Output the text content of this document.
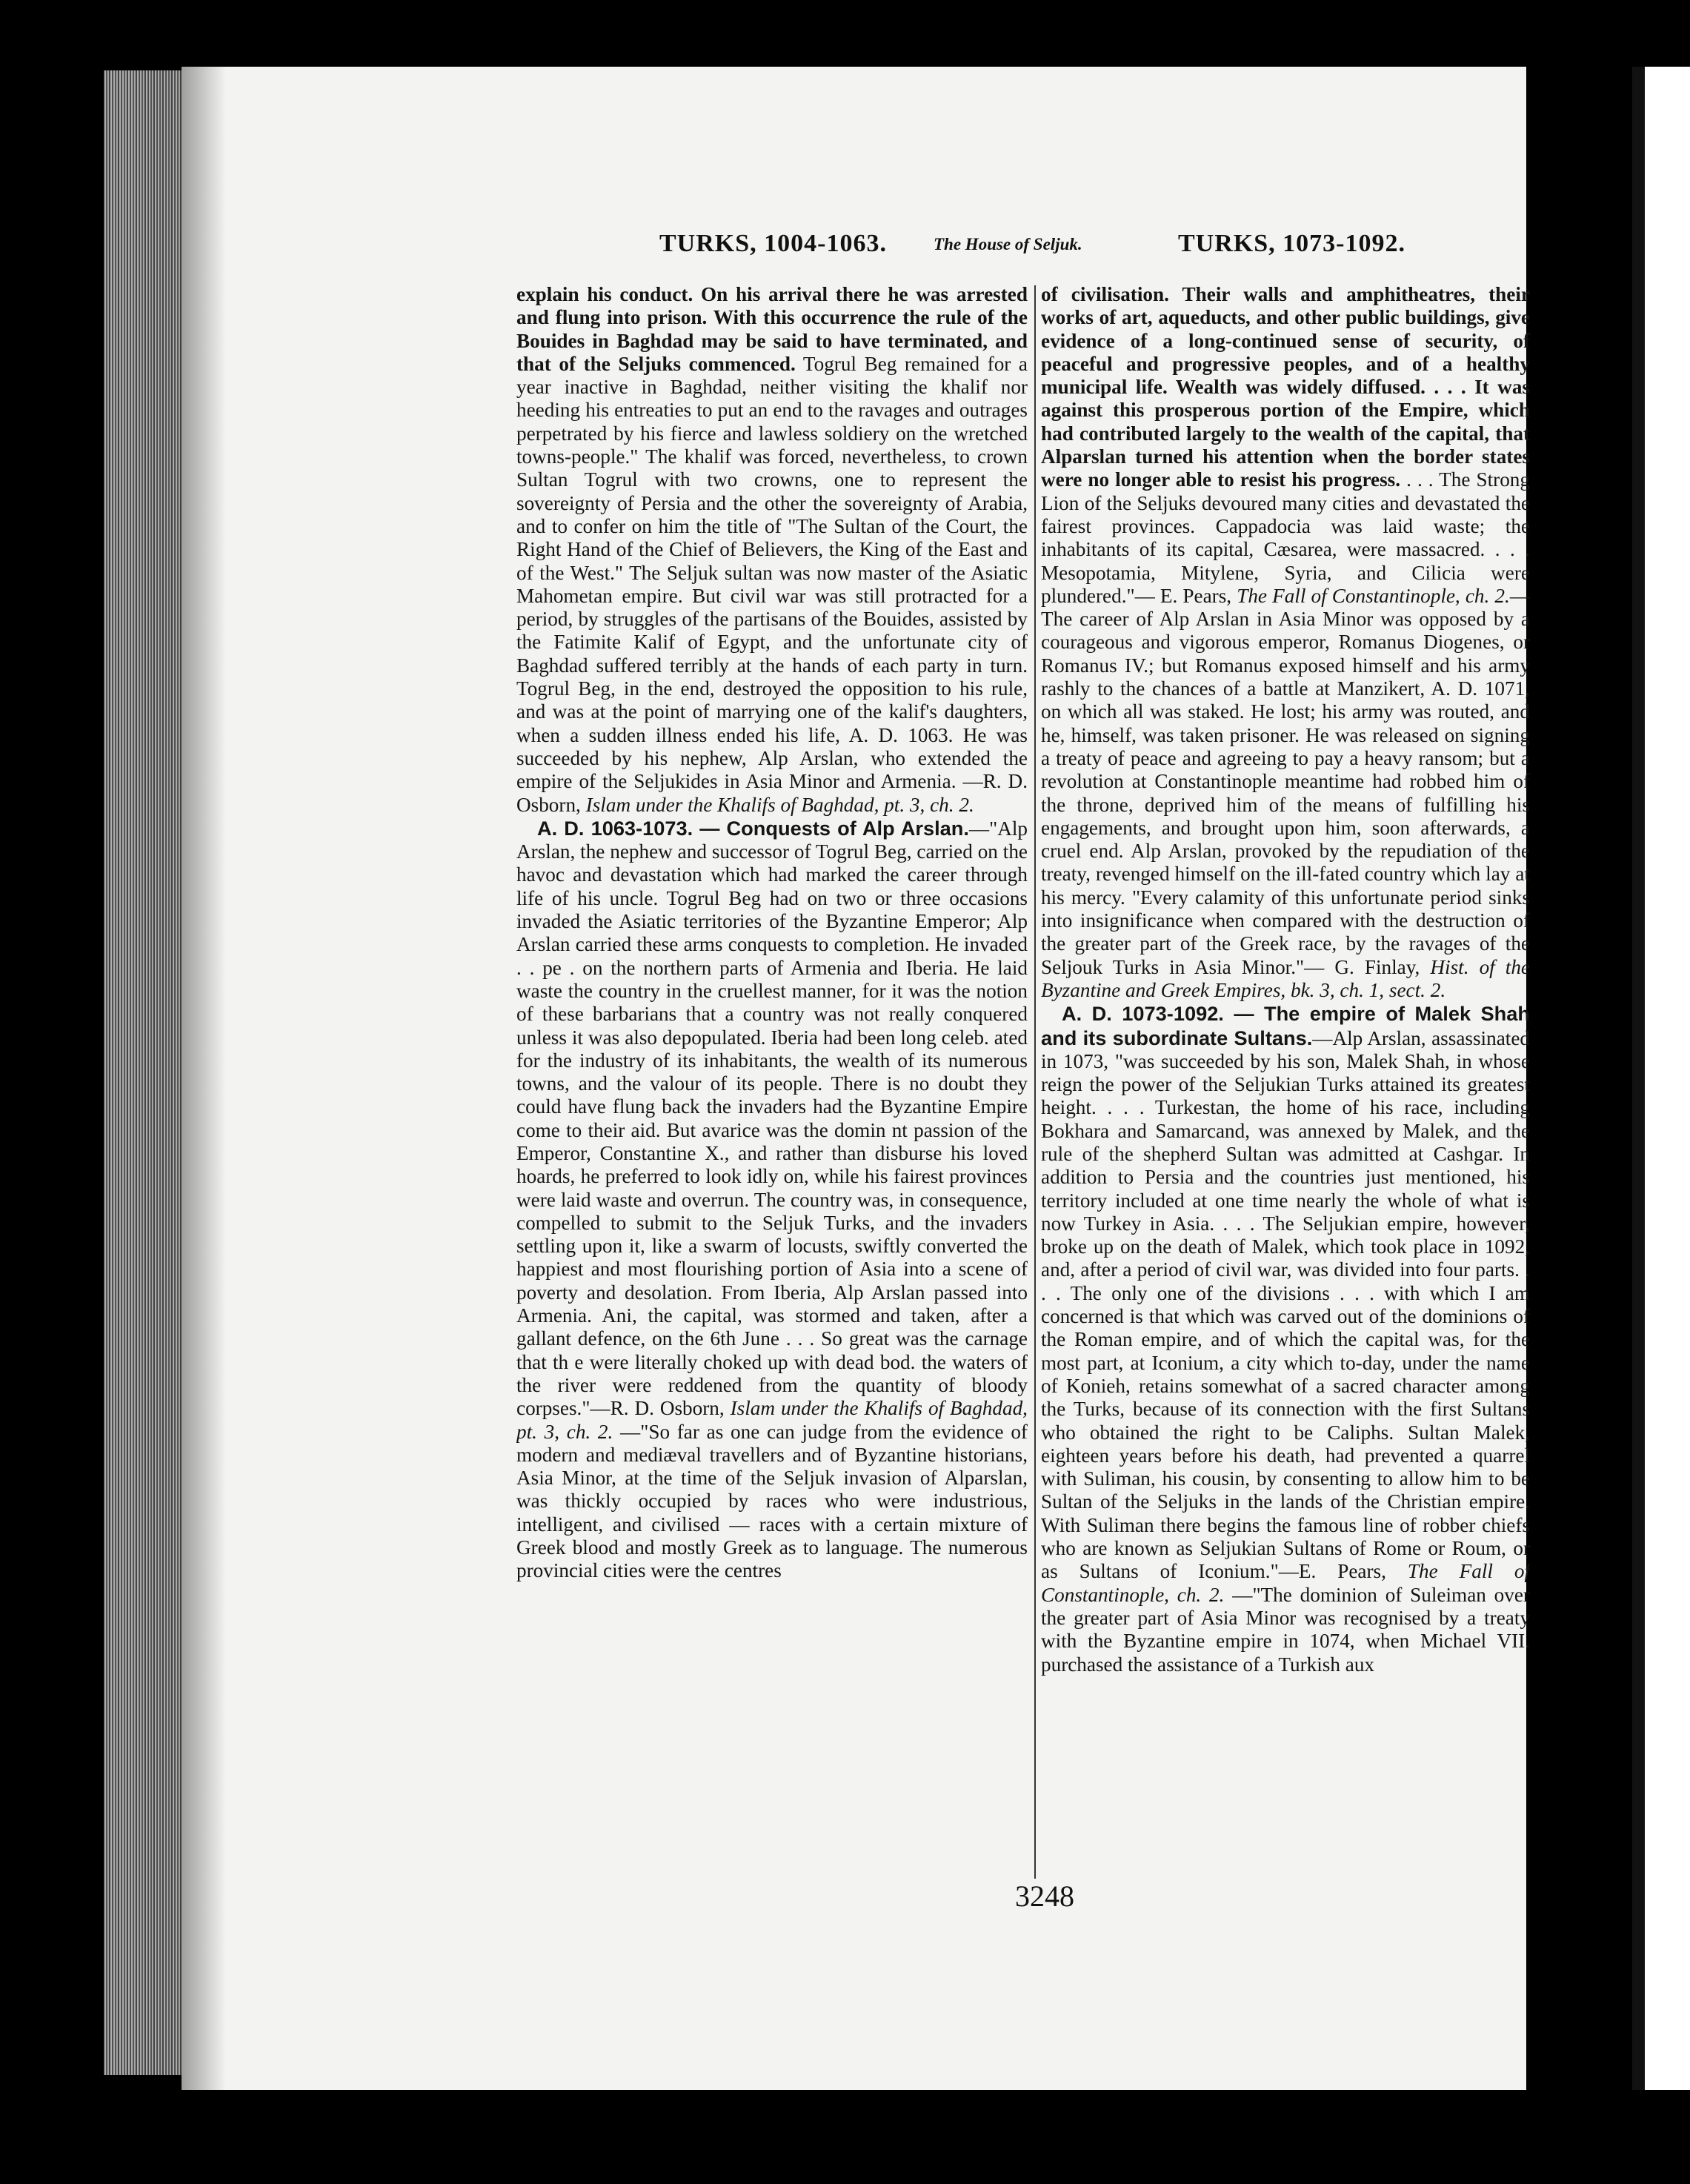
TURKS, 1004-1063.	The House of Seljuk.	TURKS, 1073-1092.

explain his conduct. On his arrival there he was arrested and flung into prison. With this occurrence the rule of the Bouides in Baghdad may be said to have terminated, and that of the Seljuks commenced. Togrul Beg remained for a year inactive in Baghdad, neither visiting the khalif nor heeding his entreaties to put an end to the ravages and outrages perpetrated by his fierce and lawless soldiery on the wretched towns-people." The khalif was forced, nevertheless, to crown Sultan Togrul with two crowns, one to represent the sovereignty of Persia and the other the sovereignty of Arabia, and to confer on him the title of "The Sultan of the Court, the Right Hand of the Chief of Believers, the King of the East and of the West." The Seljuk sultan was now master of the Asiatic Mahometan empire. But civil war was still protracted for a period, by struggles of the partisans of the Bouides, assisted by the Fatimite Kalif of Egypt, and the unfortunate city of Baghdad suffered terribly at the hands of each party in turn. Togrul Beg, in the end, destroyed the opposition to his rule, and was at the point of marrying one of the kalif's daughters, when a sudden illness ended his life, A. D. 1063. He was succeeded by his nephew, Alp Arslan, who extended the empire of the Seljukides in Asia Minor and Armenia. —R. D. Osborn, Islam under the Khalifs of Baghdad, pt. 3, ch. 2.

A. D. 1063-1073. — Conquests of Alp Arslan.—"Alp Arslan, the nephew and successor of Togrul Beg, carried on the havoc and devastation which had marked the career through life of his uncle. Togrul Beg had on two or three occasions invaded the Asiatic territories of the Byzantine Emperor; Alp Arslan carried these arms conquests to completion. He invaded . . pe . on the northern parts of Armenia and Iberia. He laid waste the country in the cruellest manner, for it was the notion of these barbarians that a country was not really conquered unless it was also depopulated. Iberia had been long celeb. ated for the industry of its inhabitants, the wealth of its numerous towns, and the valour of its people. There is no doubt they could have flung back the invaders had the Byzantine Empire come to their aid. But avarice was the domin nt passion of the Emperor, Constantine X., and rather than disburse his loved hoards, he preferred to look idly on, while his fairest provinces were laid waste and overrun. The country was, in consequence, compelled to submit to the Seljuk Turks, and the invaders settling upon it, like a swarm of locusts, swiftly converted the happiest and most flourishing portion of Asia into a scene of poverty and desolation. From Iberia, Alp Arslan passed into Armenia. Ani, the capital, was stormed and taken, after a gallant defence, on the 6th June . . . So great was the carnage that th e were literally choked up with dead bod. the waters of the river were reddened from the quantity of bloody corpses."—R. D. Osborn, Islam under the Khalifs of Baghdad, pt. 3, ch. 2. —"So far as one can judge from the evidence of modern and mediæval travellers and of Byzantine historians, Asia Minor, at the time of the Seljuk invasion of Alparslan, was thickly occupied by races who were industrious, intelligent, and civilised — races with a certain mixture of Greek blood and mostly Greek as to language. The numerous provincial cities were the centres

of civilisation. Their walls and amphitheatres, their works of art, aqueducts, and other public buildings, give evidence of a long-continued sense of security, of peaceful and progressive peoples, and of a healthy municipal life. Wealth was widely diffused. . . . It was against this prosperous portion of the Empire, which had contributed largely to the wealth of the capital, that Alparslan turned his attention when the border states were no longer able to resist his progress. . . . The Strong Lion of the Seljuks devoured many cities and devastated the fairest provinces. Cappadocia was laid waste; the inhabitants of its capital, Cæsarea, were massacred. . . . Mesopotamia, Mitylene, Syria, and Cilicia were plundered."— E. Pears, The Fall of Constantinople, ch. 2.—The career of Alp Arslan in Asia Minor was opposed by a courageous and vigorous emperor, Romanus Diogenes, or Romanus IV.; but Romanus exposed himself and his army rashly to the chances of a battle at Manzikert, A. D. 1071, on which all was staked. He lost; his army was routed, and he, himself, was taken prisoner. He was released on signing a treaty of peace and agreeing to pay a heavy ransom; but a revolution at Constantinople meantime had robbed him of the throne, deprived him of the means of fulfilling his engagements, and brought upon him, soon afterwards, a cruel end. Alp Arslan, provoked by the repudiation of the treaty, revenged himself on the ill-fated country which lay at his mercy. "Every calamity of this unfortunate period sinks into insignificance when compared with the destruction of the greater part of the Greek race, by the ravages of the Seljouk Turks in Asia Minor."— G. Finlay, Hist. of the Byzantine and Greek Empires, bk. 3, ch. 1, sect. 2.

A. D. 1073-1092. — The empire of Malek Shah and its subordinate Sultans.—Alp Arslan, assassinated in 1073, "was succeeded by his son, Malek Shah, in whose reign the power of the Seljukian Turks attained its greatest height. . . . Turkestan, the home of his race, including Bokhara and Samarcand, was annexed by Malek, and the rule of the shepherd Sultan was admitted at Cashgar. In addition to Persia and the countries just mentioned, his territory included at one time nearly the whole of what is now Turkey in Asia. . . . The Seljukian empire, however, broke up on the death of Malek, which took place in 1092, and, after a period of civil war, was divided into four parts. . . . The only one of the divisions . . . with which I am concerned is that which was carved out of the dominions of the Roman empire, and of which the capital was, for the most part, at Iconium, a city which to-day, under the name of Konieh, retains somewhat of a sacred character among the Turks, because of its connection with the first Sultans who obtained the right to be Caliphs. Sultan Malek, eighteen years before his death, had prevented a quarrel with Suliman, his cousin, by consenting to allow him to be Sultan of the Seljuks in the lands of the Christian empire. With Suliman there begins the famous line of robber chiefs who are known as Seljukian Sultans of Rome or Roum, or as Sultans of Iconium."—E. Pears, The Fall of Constantinople, ch. 2. —"The dominion of Suleiman over the greater part of Asia Minor was recognised by a treaty with the Byzantine empire in 1074, when Michael VII. purchased the assistance of a Turkish aux

3248
